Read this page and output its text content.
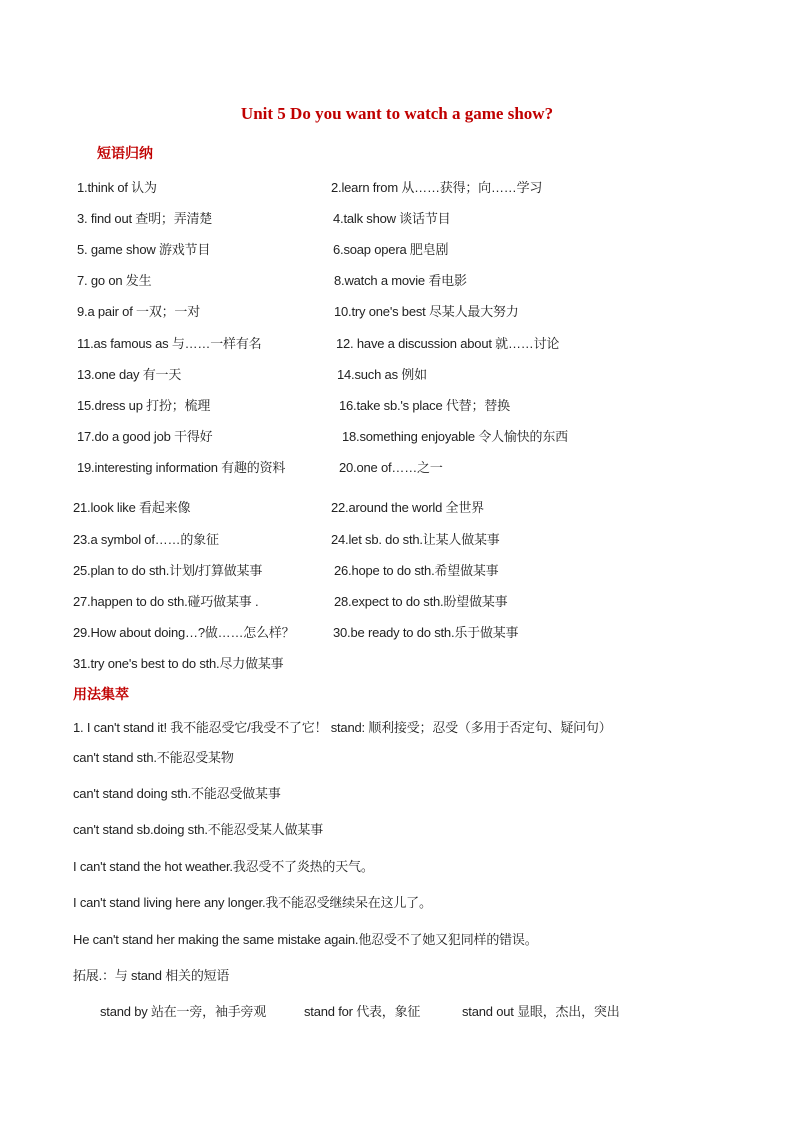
Unit 5 Do you want to watch a game show?
短语归纳
1.think of 认为	2.learn from 从……获得；向……学习
3. find out 查明；弄清楚	4.talk show 谈话节目
5. game show 游戏节目	6.soap opera 肥皂剧
7. go on 发生	8.watch a movie 看电影
9.a pair of 一双；一对	10.try one's best 尽某人最大努力
11.as famous as 与……一样有名	12. have a discussion about 就……讨论
13.one day 有一天	14.such as 例如
15.dress up 打扮；梳理	16.take sb.'s place 代替；替换
17.do a good job 干得好	18.something enjoyable 令人愉快的东西
19.interesting information 有趣的资料	20.one of……之一
21.look like 看起来像	22.around the world 全世界
23.a symbol of……的象征	24.let sb. do sth.让某人做某事
25.plan to do sth.计划/打算做某事	26.hope to do sth.希望做某事
27.happen to do sth.碰巧做某事 .	28.expect to do sth.盼望做某事
29.How about doing…?做……怎么样？	30.be ready to do sth.乐于做某事
31.try one's best to do sth.尽力做某事
用法集萃
1. I can't stand it! 我不能忍受它/我受不了它！ stand: 顺利接受；忍受（多用于否定句、疑问句）
can't stand sth.不能忍受某物
can't stand doing sth.不能忍受做某事
can't stand sb.doing sth.不能忍受某人做某事
I can't stand the hot weather.我忍受不了炎热的天气。
I can't stand living here any longer.我不能忍受继续呆在这儿了。
He can't stand her making the same mistake again.他忍受不了她又犯同样的错误。
拓展.：与 stand 相关的短语
stand by 站在一旁，袖手旁观	stand for 代表，象征	stand out 显眼，杰出，突出
